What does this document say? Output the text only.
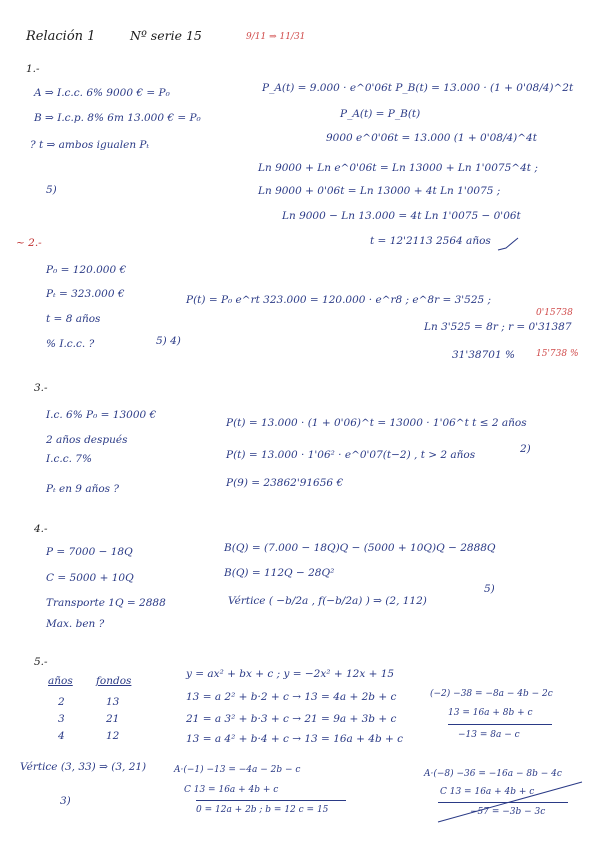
Relación 1	Nº serie 15	9/11 ⇒ 11/31
1.-
A ⇒ I.c.c. 6% 9000 € = P₀
B ⇒ I.c.p. 8% 6m 13.000 € = P₀
? t ⇒ ambos igualen Pₜ
5)
P_A(t) = 9.000 · e^0'06t P_B(t) = 13.000 · (1 + 0'08/4)^2t
P_A(t) = P_B(t)
9000 e^0'06t = 13.000 (1 + 0'08/4)^4t
Ln 9000 + Ln e^0'06t = Ln 13000 + Ln 1'0075^4t ;
Ln 9000 + 0'06t = Ln 13000 + 4t Ln 1'0075 ;
Ln 9000 − Ln 13.000 = 4t Ln 1'0075 − 0'06t
t = 12'2113 2564 años
~ 2.-
P₀ = 120.000 €
Pₜ = 323.000 €
t = 8 años
% I.c.c. ?	5) 4)
P(t) = P₀ e^rt 323.000 = 120.000 · e^r8 ; e^8r = 3'525 ;
Ln 3'525 = 8r ; r = 0'31387
31'38701 %
0'15738
15'738 %
3.-
I.c. 6% P₀ = 13000 €
2 años después
I.c.c. 7%
Pₜ en 9 años ?
P(t) = 13.000 · (1 + 0'06)^t = 13000 · 1'06^t t ≤ 2 años
P(t) = 13.000 · 1'06² · e^0'07(t−2) , t > 2 años
P(9) = 23862'91656 €
2)
4.-
P = 7000 − 18Q
C = 5000 + 10Q
Transporte 1Q = 2888
Max. ben ?
B(Q) = (7.000 − 18Q)Q − (5000 + 10Q)Q − 2888Q
B(Q) = 112Q − 28Q²
Vértice ( −b/2a , f(−b/2a) ) ⇒ (2, 112)
5)
5.-
años fondos
2	13
3	21
4	12
y = ax² + bx + c ; y = −2x² + 12x + 15
13 = a 2² + b·2 + c → 13 = 4a + 2b + c
21 = a 3² + b·3 + c → 21 = 9a + 3b + c
13 = a 4² + b·4 + c → 13 = 16a + 4b + c
(−2) −38 = −8a − 4b − 2c
13 = 16a + 8b + c
−13 = 8a − c
Vértice (3, 33) ⇒ (3, 21)	A·(−1) −13 = −4a − 2b − c
C 13 = 16a + 4b + c
0 = 12a + 2b ; b = 12 c = 15
A·(−8) −36 = −16a − 8b − 4c
C 13 = 16a + 4b + c
−57 = −3b − 3c
3)
